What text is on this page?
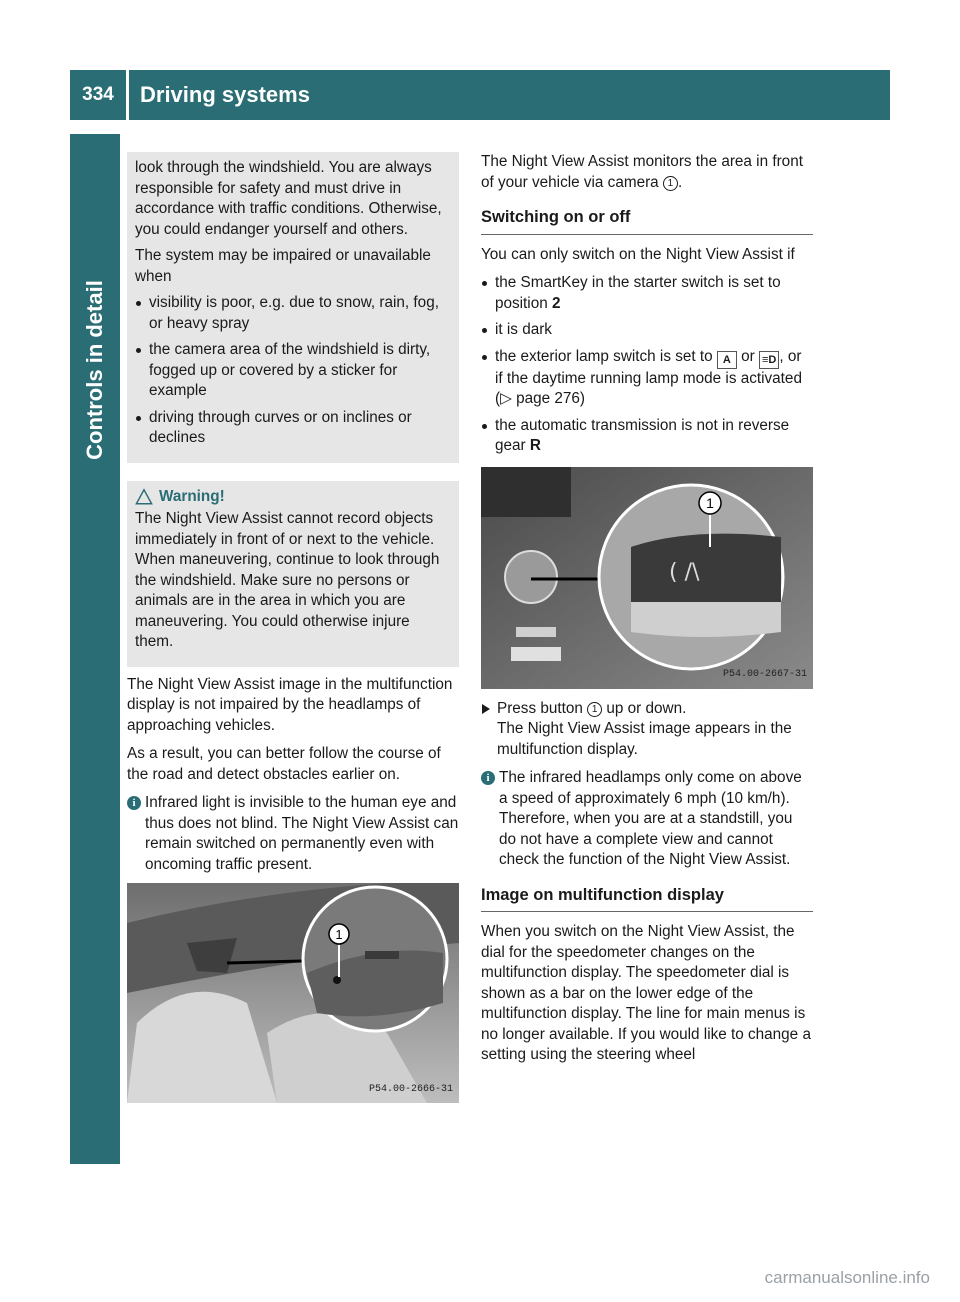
334	Driving systems
Controls in detail

look through the windshield. You are always responsible for safety and must drive in accordance with traffic conditions. Otherwise, you could endanger yourself and others.

The system may be impaired or unavailable when

visibility is poor, e.g. due to snow, rain, fog, or heavy spray
the camera area of the windshield is dirty, fogged up or covered by a sticker for example
driving through curves or on inclines or declines
Warning!

The Night View Assist cannot record objects immediately in front of or next to the vehicle. When maneuvering, continue to look through the windshield. Make sure no persons or animals are in the area in which you are maneuvering. You could otherwise injure them.

The Night View Assist image in the multifunction display is not impaired by the headlamps of approaching vehicles.

As a result, you can better follow the course of the road and detect obstacles earlier on.

i Infrared light is invisible to the human eye and thus does not blind. The Night View Assist can remain switched on permanently even with oncoming traffic present.
1
P54.00-2666-31

The Night View Assist monitors the area in front of your vehicle via camera 1 .

Switching on or off

You can only switch on the Night View Assist if

the SmartKey in the starter switch is set to position 2
it is dark
the exterior lamp switch is set to A or ≡D , or if the daytime running lamp mode is activated (▷ page 276)
the automatic transmission is not in reverse gear R
( /\
1
P54.00-2667-31
Press button 1 up or down.
The Night View Assist image appears in the multifunction display.
i The infrared headlamps only come on above a speed of approximately 6 mph (10 km/h). Therefore, when you are at a standstill, you do not have a complete view and cannot check the function of the Night View Assist.
Image on multifunction display

When you switch on the Night View Assist, the dial for the speedometer changes on the multifunction display. The speedometer dial is shown as a bar on the lower edge of the multifunction display. The line for main menus is no longer available. If you would like to change a setting using the steering wheel

carmanualsonline.info
